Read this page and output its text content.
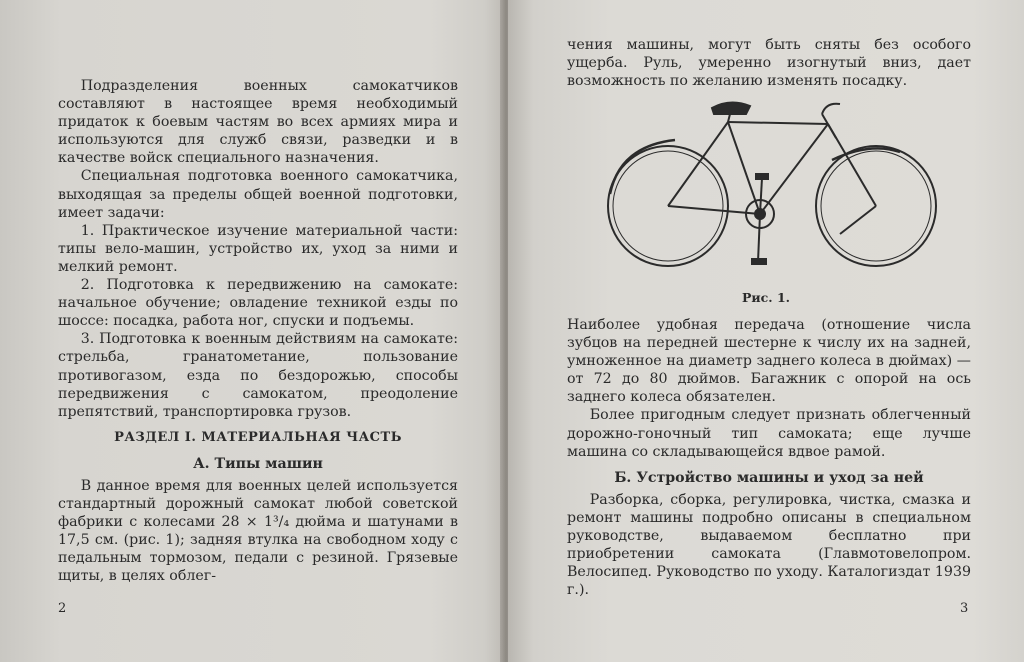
Подразделения военных самокатчиков составляют в настоящее время необходимый придаток к боевым частям во всех армиях мира и используются для служб связи, разведки и в качестве войск специального назначения.

Специальная подготовка военного самокатчика, выходящая за пределы общей военной подготовки, имеет задачи:

1. Практическое изучение материальной части: типы вело-машин, устройство их, уход за ними и мелкий ремонт.

2. Подготовка к передвижению на самокате: начальное обучение; овладение техникой езды по шоссе: посадка, работа ног, спуски и подъемы.

3. Подготовка к военным действиям на самокате: стрельба, гранатометание, пользование противогазом, езда по бездорожью, способы передвижения с самокатом, преодоление препятствий, транспортировка грузов.

РАЗДЕЛ I. МАТЕРИАЛЬНАЯ ЧАСТЬ

А. Типы машин

В данное время для военных целей используется стандартный дорожный самокат любой советской фабрики с колесами 28 × 1³/₄ дюйма и шатунами в 17,5 см. (рис. 1); задняя втулка на свободном ходу с педальным тормозом, педали с резиной. Грязевые щиты, в целях облег-

2

чения машины, могут быть сняты без особого ущерба. Руль, умеренно изогнутый вниз, дает возможность по желанию изменять посадку.

Рис. 1.

Наиболее удобная передача (отношение числа зубцов на передней шестерне к числу их на задней, умноженное на диаметр заднего колеса в дюймах) — от 72 до 80 дюймов. Багажник с опорой на ось заднего колеса обязателен.

Более пригодным следует признать облегченный дорожно-гоночный тип самоката; еще лучше машина со складывающейся вдвое рамой.

Б. Устройство машины и уход за ней

Разборка, сборка, регулировка, чистка, смазка и ремонт машины подробно описаны в специальном руководстве, выдаваемом бесплатно при приобретении самоката (Главмотовелопром. Велосипед. Руководство по уходу. Каталогиздат 1939 г.).

3
